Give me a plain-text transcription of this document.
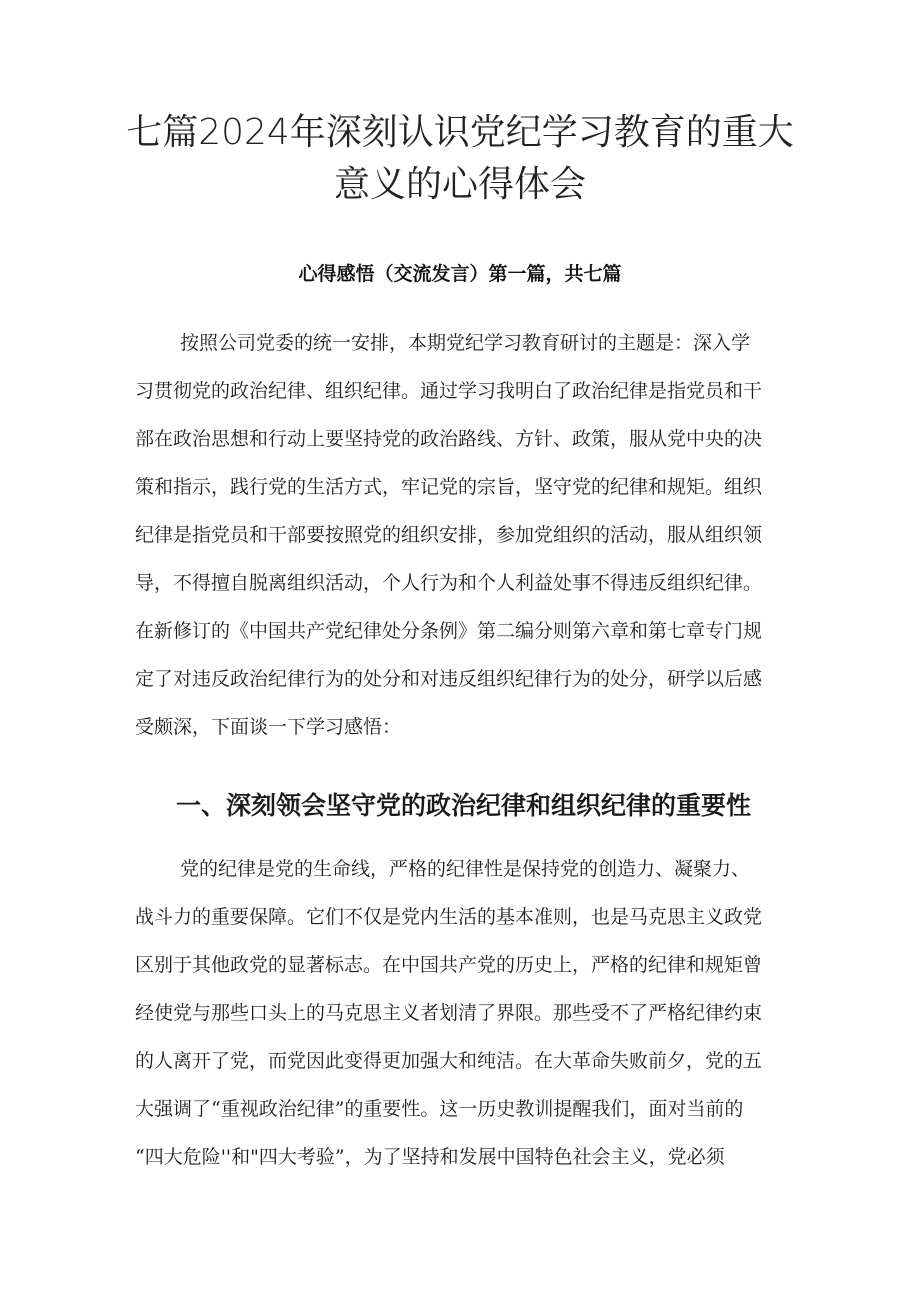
七篇2024年深刻认识党纪学习教育的重大
意义的心得体会
心得感悟（交流发言）第一篇，共七篇

按照公司党委的统一安排，本期党纪学习教育研讨的主题是：深入学

习贯彻党的政治纪律、组织纪律。通过学习我明白了政治纪律是指党员和干

部在政治思想和行动上要坚持党的政治路线、方针、政策，服从党中央的决

策和指示，践行党的生活方式，牢记党的宗旨，坚守党的纪律和规矩。组织

纪律是指党员和干部要按照党的组织安排，参加党组织的活动，服从组织领

导，不得擅自脱离组织活动，个人行为和个人利益处事不得违反组织纪律。

在新修订的《中国共产党纪律处分条例》第二编分则第六章和第七章专门规

定了对违反政治纪律行为的处分和对违反组织纪律行为的处分，研学以后感

受颇深，下面谈一下学习感悟：

一、深刻领会坚守党的政治纪律和组织纪律的重要性

党的纪律是党的生命线，严格的纪律性是保持党的创造力、凝聚力、

战斗力的重要保障。它们不仅是党内生活的基本准则，也是马克思主义政党

区别于其他政党的显著标志。在中国共产党的历史上，严格的纪律和规矩曾

经使党与那些口头上的马克思主义者划清了界限。那些受不了严格纪律约束

的人离开了党，而党因此变得更加强大和纯洁。在大革命失败前夕，党的五

大强调了“重视政治纪律”的重要性。这一历史教训提醒我们，面对当前的

“四大危险''和"四大考验”，为了坚持和发展中国特色社会主义，党必须
